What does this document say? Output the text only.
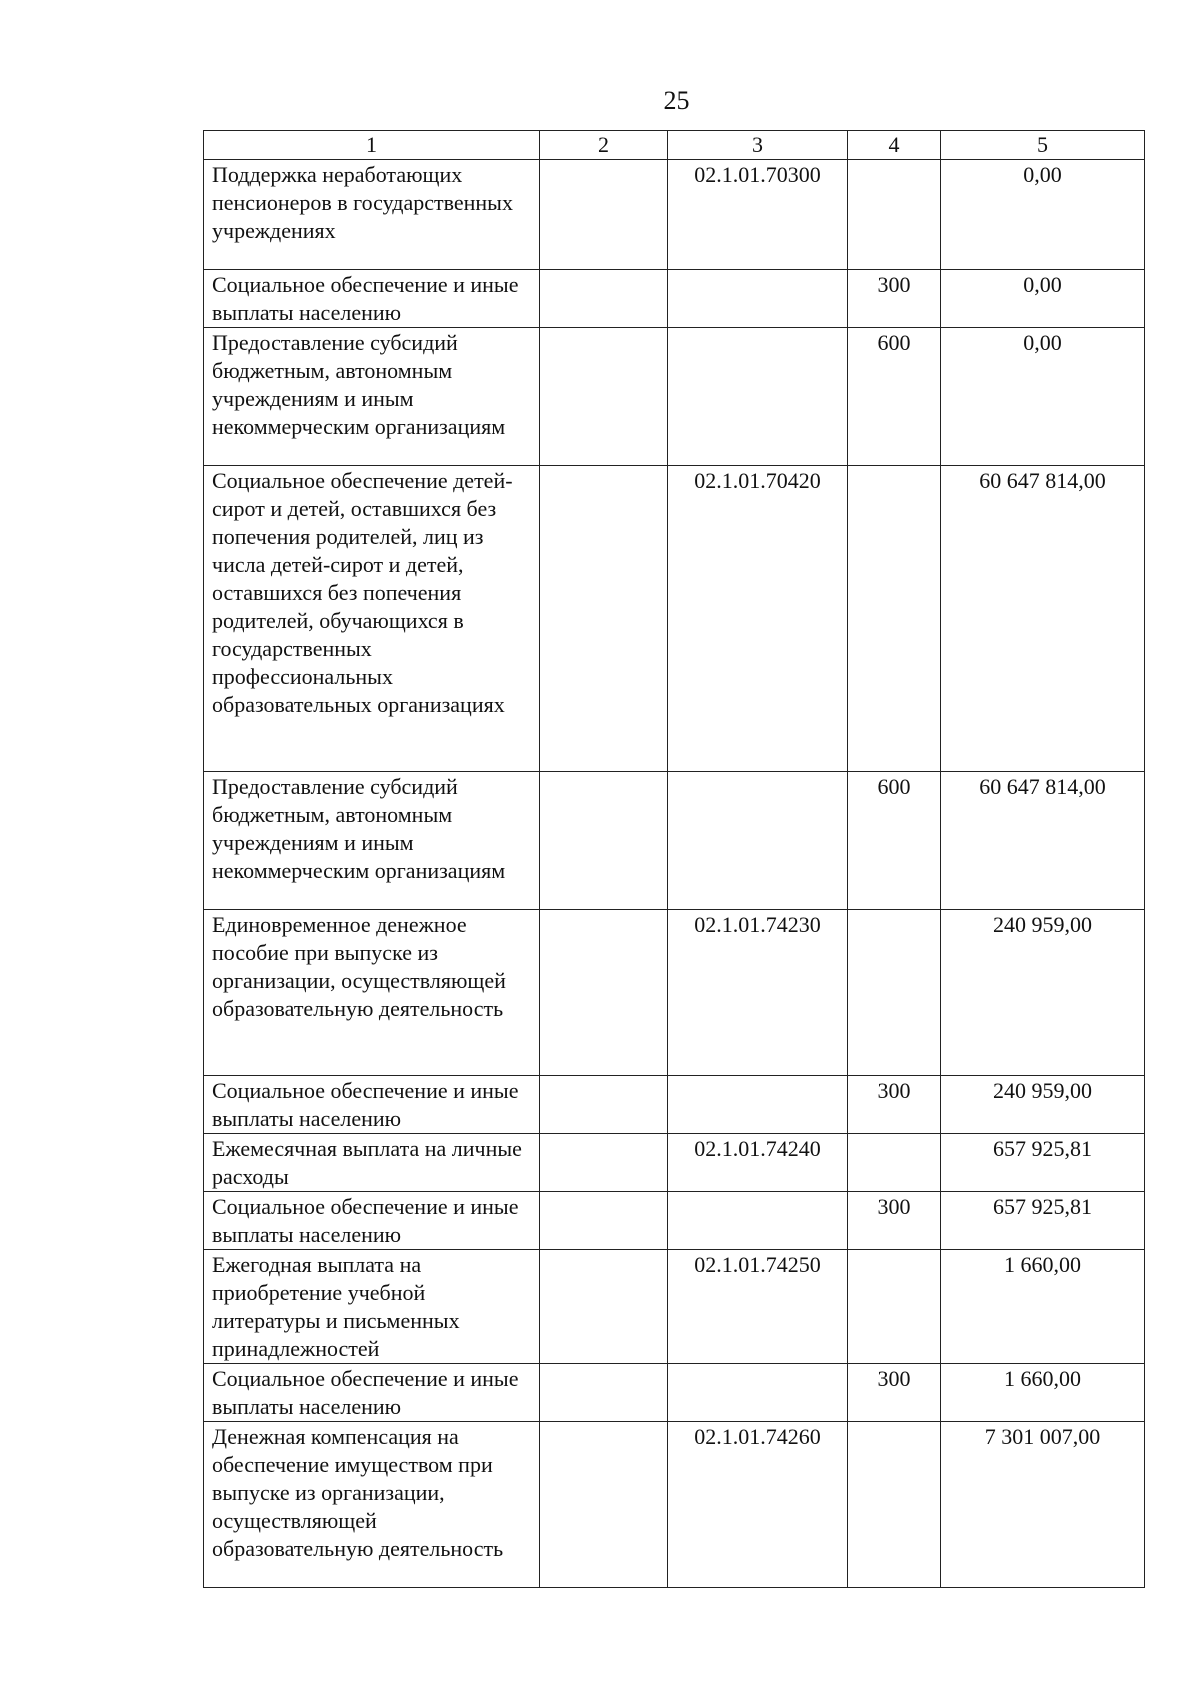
25
1	2	3	4	5
Поддержка неработающих пенсионеров в государственных учреждениях		02.1.01.70300		0,00
Социальное обеспечение и иные выплаты населению			300	0,00
Предоставление субсидий бюджетным, автономным учреждениям и иным некоммерческим организациям			600	0,00
Социальное обеспечение детей-сирот и детей, оставшихся без попечения родителей, лиц из числа детей-сирот и детей, оставшихся без попечения родителей, обучающихся в государственных профессиональных образовательных организациях		02.1.01.70420		60 647 814,00
Предоставление субсидий бюджетным, автономным учреждениям и иным некоммерческим организациям			600	60 647 814,00
Единовременное денежное пособие при выпуске из организации, осуществляющей образовательную деятельность		02.1.01.74230		240 959,00
Социальное обеспечение и иные выплаты населению			300	240 959,00
Ежемесячная выплата на личные расходы		02.1.01.74240		657 925,81
Социальное обеспечение и иные выплаты населению			300	657 925,81
Ежегодная выплата на приобретение учебной литературы и письменных принадлежностей		02.1.01.74250		1 660,00
Социальное обеспечение и иные выплаты населению			300	1 660,00
Денежная компенсация на обеспечение имуществом при выпуске из организации, осуществляющей образовательную деятельность		02.1.01.74260		7 301 007,00
